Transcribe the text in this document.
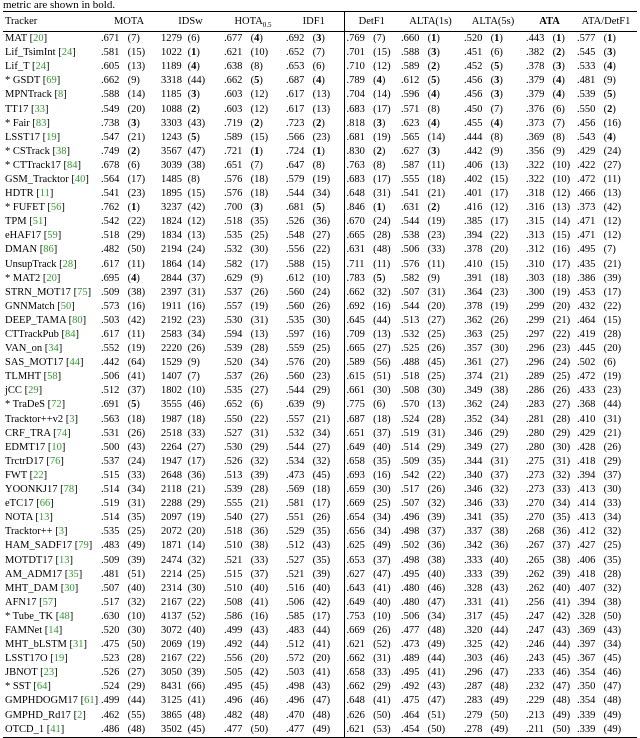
metric are shown in bold.
Tracker	MOTA	IDSw	$HOTA_{0.5}$	IDF1	DetF1	ALTA(1s)	ALTA(5s)	ATA	ATA/DetF1
MAT [20]	.671 (7)	1279 (6)	.677 (4)	.692 (3)	.769 (7)	.660 (1)	.520 (1)	.443 (1)	.577 (1)
Lif_TsimInt [24]	.581 (15)	1022 (1)	.621 (10)	.652 (7)	.701 (15)	.588 (3)	.451 (6)	.382 (2)	.545 (3)
Lif_T [24]	.605 (13)	1189 (4)	.638 (8)	.653 (6)	.710 (12)	.589 (2)	.452 (5)	.378 (3)	.533 (4)
* GSDT [69]	.662 (9)	3318 (44)	.662 (5)	.687 (4)	.789 (4)	.612 (5)	.456 (3)	.379 (4)	.481 (9)
MPNTrack [8]	.588 (14)	1185 (3)	.603 (12)	.617 (13)	.704 (14)	.596 (4)	.456 (3)	.379 (4)	.539 (5)
TT17 [33]	.549 (20)	1088 (2)	.603 (12)	.617 (13)	.683 (17)	.571 (8)	.450 (7)	.376 (6)	.550 (2)
* Fair [83]	.738 (3)	3303 (43)	.719 (2)	.723 (2)	.818 (3)	.623 (4)	.455 (4)	.373 (7)	.456 (16)
LSST17 [19]	.547 (21)	1243 (5)	.589 (15)	.566 (23)	.681 (19)	.565 (14)	.444 (8)	.369 (8)	.543 (4)
* CSTrack [38]	.749 (2)	3567 (47)	.721 (1)	.724 (1)	.830 (2)	.627 (3)	.442 (9)	.356 (9)	.429 (24)
* CTTrack17 [84]	.678 (6)	3039 (38)	.651 (7)	.647 (8)	.763 (8)	.587 (11)	.406 (13)	.322 (10)	.422 (27)
GSM_Tracktor [40]	.564 (17)	1485 (8)	.576 (18)	.579 (19)	.683 (17)	.555 (18)	.402 (15)	.322 (10)	.472 (11)
HDTR [11]	.541 (23)	1895 (15)	.576 (18)	.544 (34)	.648 (31)	.541 (21)	.401 (17)	.318 (12)	.466 (13)
* FUFET [56]	.762 (1)	3237 (42)	.700 (3)	.681 (5)	.846 (1)	.631 (2)	.416 (12)	.316 (13)	.373 (42)
TPM [51]	.542 (22)	1824 (12)	.518 (35)	.526 (36)	.670 (24)	.544 (19)	.385 (17)	.315 (14)	.471 (12)
eHAF17 [59]	.518 (29)	1834 (13)	.535 (25)	.548 (27)	.665 (28)	.538 (23)	.394 (22)	.313 (15)	.471 (12)
DMAN [86]	.482 (50)	2194 (24)	.532 (30)	.556 (22)	.631 (48)	.506 (33)	.378 (20)	.312 (16)	.495 (7)
UnsupTrack [28]	.617 (11)	1864 (14)	.582 (17)	.588 (15)	.711 (11)	.576 (11)	.410 (15)	.310 (17)	.435 (21)
* MAT2 [20]	.695 (4)	2844 (37)	.629 (9)	.612 (10)	.783 (5)	.582 (9)	.391 (18)	.303 (18)	.386 (39)
STRN_MOT17 [75]	.509 (38)	2397 (31)	.537 (26)	.560 (24)	.662 (32)	.507 (31)	.364 (23)	.300 (19)	.453 (17)
GNNMatch [50]	.573 (16)	1911 (16)	.557 (19)	.560 (26)	.692 (16)	.544 (20)	.378 (19)	.299 (20)	.432 (22)
DEEP_TAMA [80]	.503 (42)	2192 (23)	.530 (31)	.535 (30)	.645 (44)	.513 (27)	.362 (26)	.299 (21)	.464 (15)
CTTrackPub [84]	.617 (11)	2583 (34)	.594 (13)	.597 (16)	.709 (13)	.532 (25)	.363 (25)	.297 (22)	.419 (28)
VAN_on [34]	.552 (19)	2220 (26)	.539 (28)	.559 (25)	.665 (27)	.525 (26)	.357 (30)	.296 (23)	.445 (20)
SAS_MOT17 [44]	.442 (64)	1529 (9)	.520 (34)	.576 (20)	.589 (56)	.488 (45)	.361 (27)	.296 (24)	.502 (6)
TLMHT [58]	.506 (41)	1407 (7)	.537 (26)	.560 (23)	.615 (51)	.518 (25)	.374 (21)	.289 (25)	.472 (19)
jCC [29]	.512 (37)	1802 (10)	.535 (27)	.544 (29)	.661 (30)	.508 (30)	.349 (38)	.286 (26)	.433 (23)
* TraDeS [72]	.691 (5)	3555 (46)	.652 (6)	.639 (9)	.775 (6)	.570 (13)	.362 (24)	.283 (27)	.368 (44)
Tracktor++v2 [3]	.563 (18)	1987 (18)	.550 (22)	.557 (21)	.687 (18)	.524 (28)	.352 (34)	.281 (28)	.410 (31)
CRF_TRA [74]	.531 (26)	2518 (33)	.527 (31)	.532 (34)	.651 (37)	.519 (31)	.346 (29)	.280 (29)	.429 (21)
EDMT17 [10]	.500 (43)	2264 (27)	.530 (29)	.544 (27)	.649 (40)	.514 (29)	.349 (27)	.280 (30)	.428 (26)
TrctrD17 [76]	.537 (24)	1947 (17)	.526 (32)	.534 (32)	.658 (35)	.509 (35)	.344 (31)	.275 (31)	.418 (29)
FWT [22]	.515 (33)	2648 (36)	.513 (39)	.473 (45)	.693 (16)	.542 (22)	.340 (37)	.273 (32)	.394 (37)
YOONKJ17 [78]	.514 (34)	2118 (21)	.539 (28)	.569 (18)	.659 (30)	.517 (26)	.346 (32)	.273 (33)	.413 (30)
eTC17 [66]	.519 (31)	2288 (29)	.555 (21)	.581 (17)	.669 (25)	.507 (32)	.346 (33)	.270 (34)	.414 (33)
NOTA [13]	.514 (35)	2097 (19)	.540 (27)	.551 (26)	.654 (34)	.496 (39)	.341 (35)	.270 (35)	.413 (34)
Tracktor++ [3]	.535 (25)	2072 (20)	.518 (36)	.529 (35)	.656 (34)	.498 (37)	.337 (38)	.268 (36)	.412 (32)
HAM_SADF17 [79]	.483 (49)	1871 (14)	.510 (38)	.512 (43)	.625 (49)	.502 (36)	.342 (36)	.267 (37)	.427 (25)
MOTDT17 [13]	.509 (39)	2474 (32)	.521 (33)	.527 (35)	.653 (37)	.498 (38)	.333 (40)	.265 (38)	.406 (35)
AM_ADM17 [35]	.481 (51)	2214 (25)	.515 (37)	.521 (39)	.627 (47)	.495 (40)	.333 (39)	.262 (39)	.418 (28)
MHT_DAM [30]	.507 (40)	2314 (30)	.510 (40)	.516 (40)	.643 (41)	.480 (46)	.328 (43)	.262 (40)	.407 (32)
AFN17 [57]	.517 (32)	2167 (22)	.508 (41)	.506 (42)	.649 (40)	.480 (47)	.331 (41)	.256 (41)	.394 (38)
* Tube_TK [48]	.630 (10)	4137 (52)	.586 (16)	.585 (17)	.753 (10)	.506 (34)	.317 (45)	.247 (42)	.328 (50)
FAMNet [14]	.520 (30)	3072 (40)	.499 (43)	.483 (44)	.669 (26)	.477 (48)	.320 (44)	.247 (43)	.369 (43)
MHT_bLSTM [31]	.475 (50)	2069 (19)	.492 (44)	.512 (41)	.621 (52)	.473 (49)	.325 (42)	.246 (44)	.397 (34)
LSST17O [19]	.523 (28)	2167 (22)	.556 (20)	.572 (20)	.662 (31)	.489 (44)	.303 (46)	.243 (45)	.367 (45)
JBNOT [23]	.526 (27)	3050 (39)	.505 (42)	.503 (41)	.658 (33)	.495 (41)	.296 (47)	.233 (46)	.354 (46)
* SST [64]	.524 (29)	8431 (66)	.495 (45)	.498 (43)	.662 (29)	.492 (43)	.287 (48)	.232 (47)	.350 (47)
GMPHDOGM17 [61]	.499 (44)	3125 (41)	.496 (46)	.496 (47)	.648 (41)	.475 (47)	.283 (49)	.229 (48)	.354 (48)
GMPHD_Rd17 [2]	.462 (55)	3865 (48)	.482 (48)	.470 (48)	.626 (50)	.464 (51)	.279 (50)	.213 (49)	.339 (49)
OTCD_1 [41]	.486 (48)	3502 (45)	.477 (50)	.477 (49)	.621 (53)	.454 (50)	.278 (49)	.211 (50)	.339 (49)
